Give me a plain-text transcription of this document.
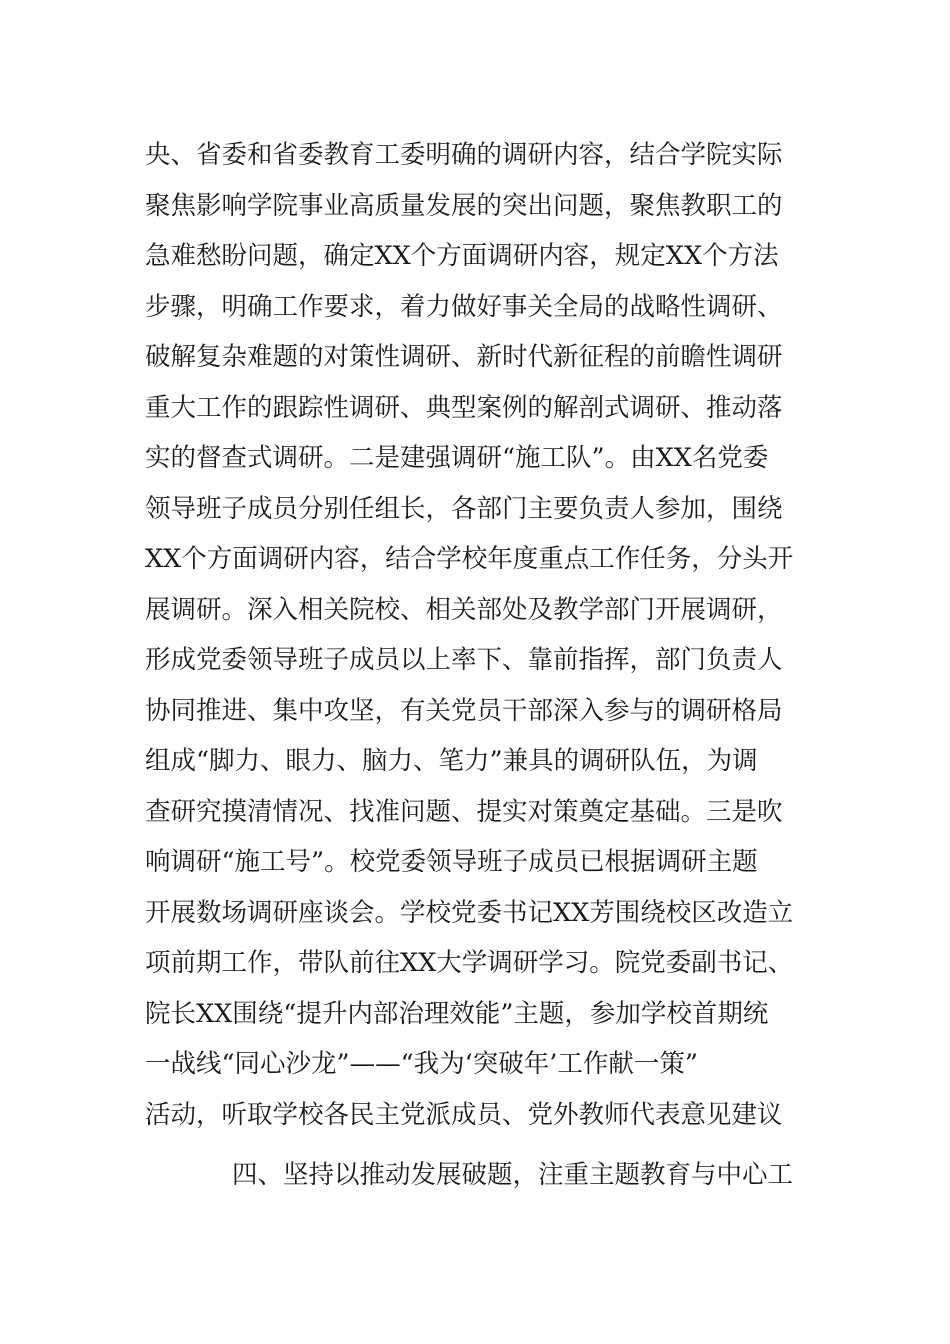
央、省委和省委教育工委明确的调研内容，结合学院实际
聚焦影响学院事业高质量发展的突出问题，聚焦教职工的
急难愁盼问题，确定XX个方面调研内容，规定XX个方法
步骤，明确工作要求，着力做好事关全局的战略性调研、
破解复杂难题的对策性调研、新时代新征程的前瞻性调研
重大工作的跟踪性调研、典型案例的解剖式调研、推动落
实的督查式调研。二是建强调研“施工队”。由XX名党委
领导班子成员分别任组长，各部门主要负责人参加，围绕
XX个方面调研内容，结合学校年度重点工作任务，分头开
展调研。深入相关院校、相关部处及教学部门开展调研，
形成党委领导班子成员以上率下、靠前指挥，部门负责人
协同推进、集中攻坚，有关党员干部深入参与的调研格局
组成“脚力、眼力、脑力、笔力”兼具的调研队伍，为调
查研究摸清情况、找准问题、提实对策奠定基础。三是吹
响调研“施工号”。校党委领导班子成员已根据调研主题
开展数场调研座谈会。学校党委书记XX芳围绕校区改造立
项前期工作，带队前往XX大学调研学习。院党委副书记、
院长XX围绕“提升内部治理效能”主题，参加学校首期统
一战线“同心沙龙”——“我为‘突破年’工作献一策”
活动，听取学校各民主党派成员、党外教师代表意见建议
四、坚持以推动发展破题，注重主题教育与中心工
